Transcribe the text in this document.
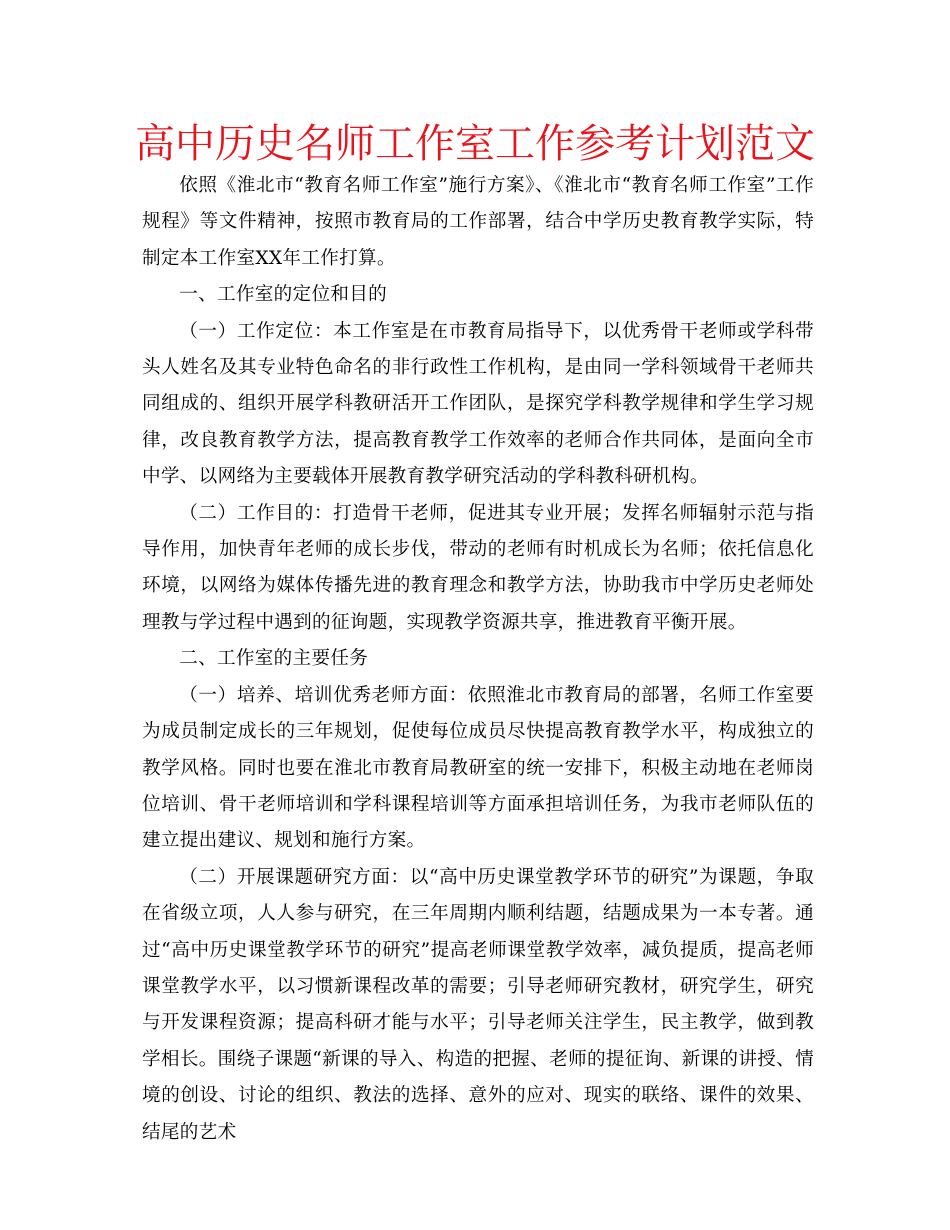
高中历史名师工作室工作参考计划范文

依照《淮北市“教育名师工作室”施行方案》、《淮北市“教育名师工作室”工作规程》等文件精神，按照市教育局的工作部署，结合中学历史教育教学实际，特制定本工作室XX年工作打算。

一、工作室的定位和目的

（一）工作定位：本工作室是在市教育局指导下，以优秀骨干老师或学科带头人姓名及其专业特色命名的非行政性工作机构，是由同一学科领域骨干老师共同组成的、组织开展学科教研活开工作团队，是探究学科教学规律和学生学习规律，改良教育教学方法，提高教育教学工作效率的老师合作共同体，是面向全市中学、以网络为主要载体开展教育教学研究活动的学科教科研机构。

（二）工作目的：打造骨干老师，促进其专业开展；发挥名师辐射示范与指导作用，加快青年老师的成长步伐，带动的老师有时机成长为名师；依托信息化环境，以网络为媒体传播先进的教育理念和教学方法，协助我市中学历史老师处理教与学过程中遇到的征询题，实现教学资源共享，推进教育平衡开展。

二、工作室的主要任务

（一）培养、培训优秀老师方面：依照淮北市教育局的部署，名师工作室要为成员制定成长的三年规划，促使每位成员尽快提高教育教学水平，构成独立的教学风格。同时也要在淮北市教育局教研室的统一安排下，积极主动地在老师岗位培训、骨干老师培训和学科课程培训等方面承担培训任务，为我市老师队伍的建立提出建议、规划和施行方案。

（二）开展课题研究方面：以“高中历史课堂教学环节的研究”为课题，争取在省级立项，人人参与研究，在三年周期内顺利结题，结题成果为一本专著。通过“高中历史课堂教学环节的研究”提高老师课堂教学效率，减负提质，提高老师课堂教学水平，以习惯新课程改革的需要；引导老师研究教材，研究学生，研究与开发课程资源；提高科研才能与水平；引导老师关注学生，民主教学，做到教学相长。围绕子课题“新课的导入、构造的把握、老师的提征询、新课的讲授、情境的创设、讨论的组织、教法的选择、意外的应对、现实的联络、课件的效果、结尾的艺术
